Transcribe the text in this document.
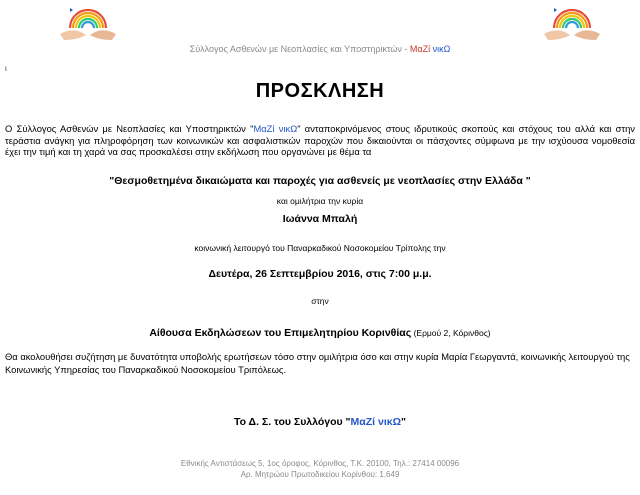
Σύλλογος Ασθενών με Νεοπλασίες και Υποστηρικτών - ΜαΖί νικΩ
ι
ΠΡΟΣΚΛΗΣΗ
Ο Σύλλογος Ασθενών με Νεοπλασίες και Υποστηρικτών "ΜαΖί νικΩ" ανταποκρινόμενος στους ιδρυτικούς σκοπούς και στόχους του αλλά και στην τεράστια ανάγκη για πληροφόρηση των κοινωνικών και ασφαλιστικών παροχών που δικαιούνται οι πάσχοντες σύμφωνα με την ισχύουσα νομοθεσία έχει την τιμή και τη χαρά να σας προσκαλέσει στην εκδήλωση που οργανώνει με θέμα τα
"Θεσμοθετημένα δικαιώματα και παροχές για ασθενείς με νεοπλασίες στην Ελλάδα "
και ομιλήτρια την κυρία
Ιωάννα Μπαλή
κοινωνική λειτουργό του Παναρκαδικού Νοσοκομείου Τρίπολης την
Δευτέρα, 26 Σεπτεμβρίου 2016, στις 7:00 μ.μ.
στην
Αίθουσα Εκδηλώσεων του Επιμελητηρίου Κορινθίας (Ερμού 2, Κόρινθος)
Θα ακολουθήσει συζήτηση με δυνατότητα υποβολής ερωτήσεων τόσο στην ομιλήτρια όσο και στην κυρία Μαρία Γεωργαντά, κοινωνικής λειτουργού της Κοινωνικής Υπηρεσίας του Παναρκαδικού Νοσοκομείου Τριπόλεως.
Το Δ. Σ. του Συλλόγου "ΜαΖί νικΩ"
Εθνικής Αντιστάσεως 5, 1ος όροφος, Κόρινθος, Τ.Κ. 20100, Τηλ.: 27414 00096
Αρ. Μητρώου Πρωτοδικείου Κορίνθου: 1.649
